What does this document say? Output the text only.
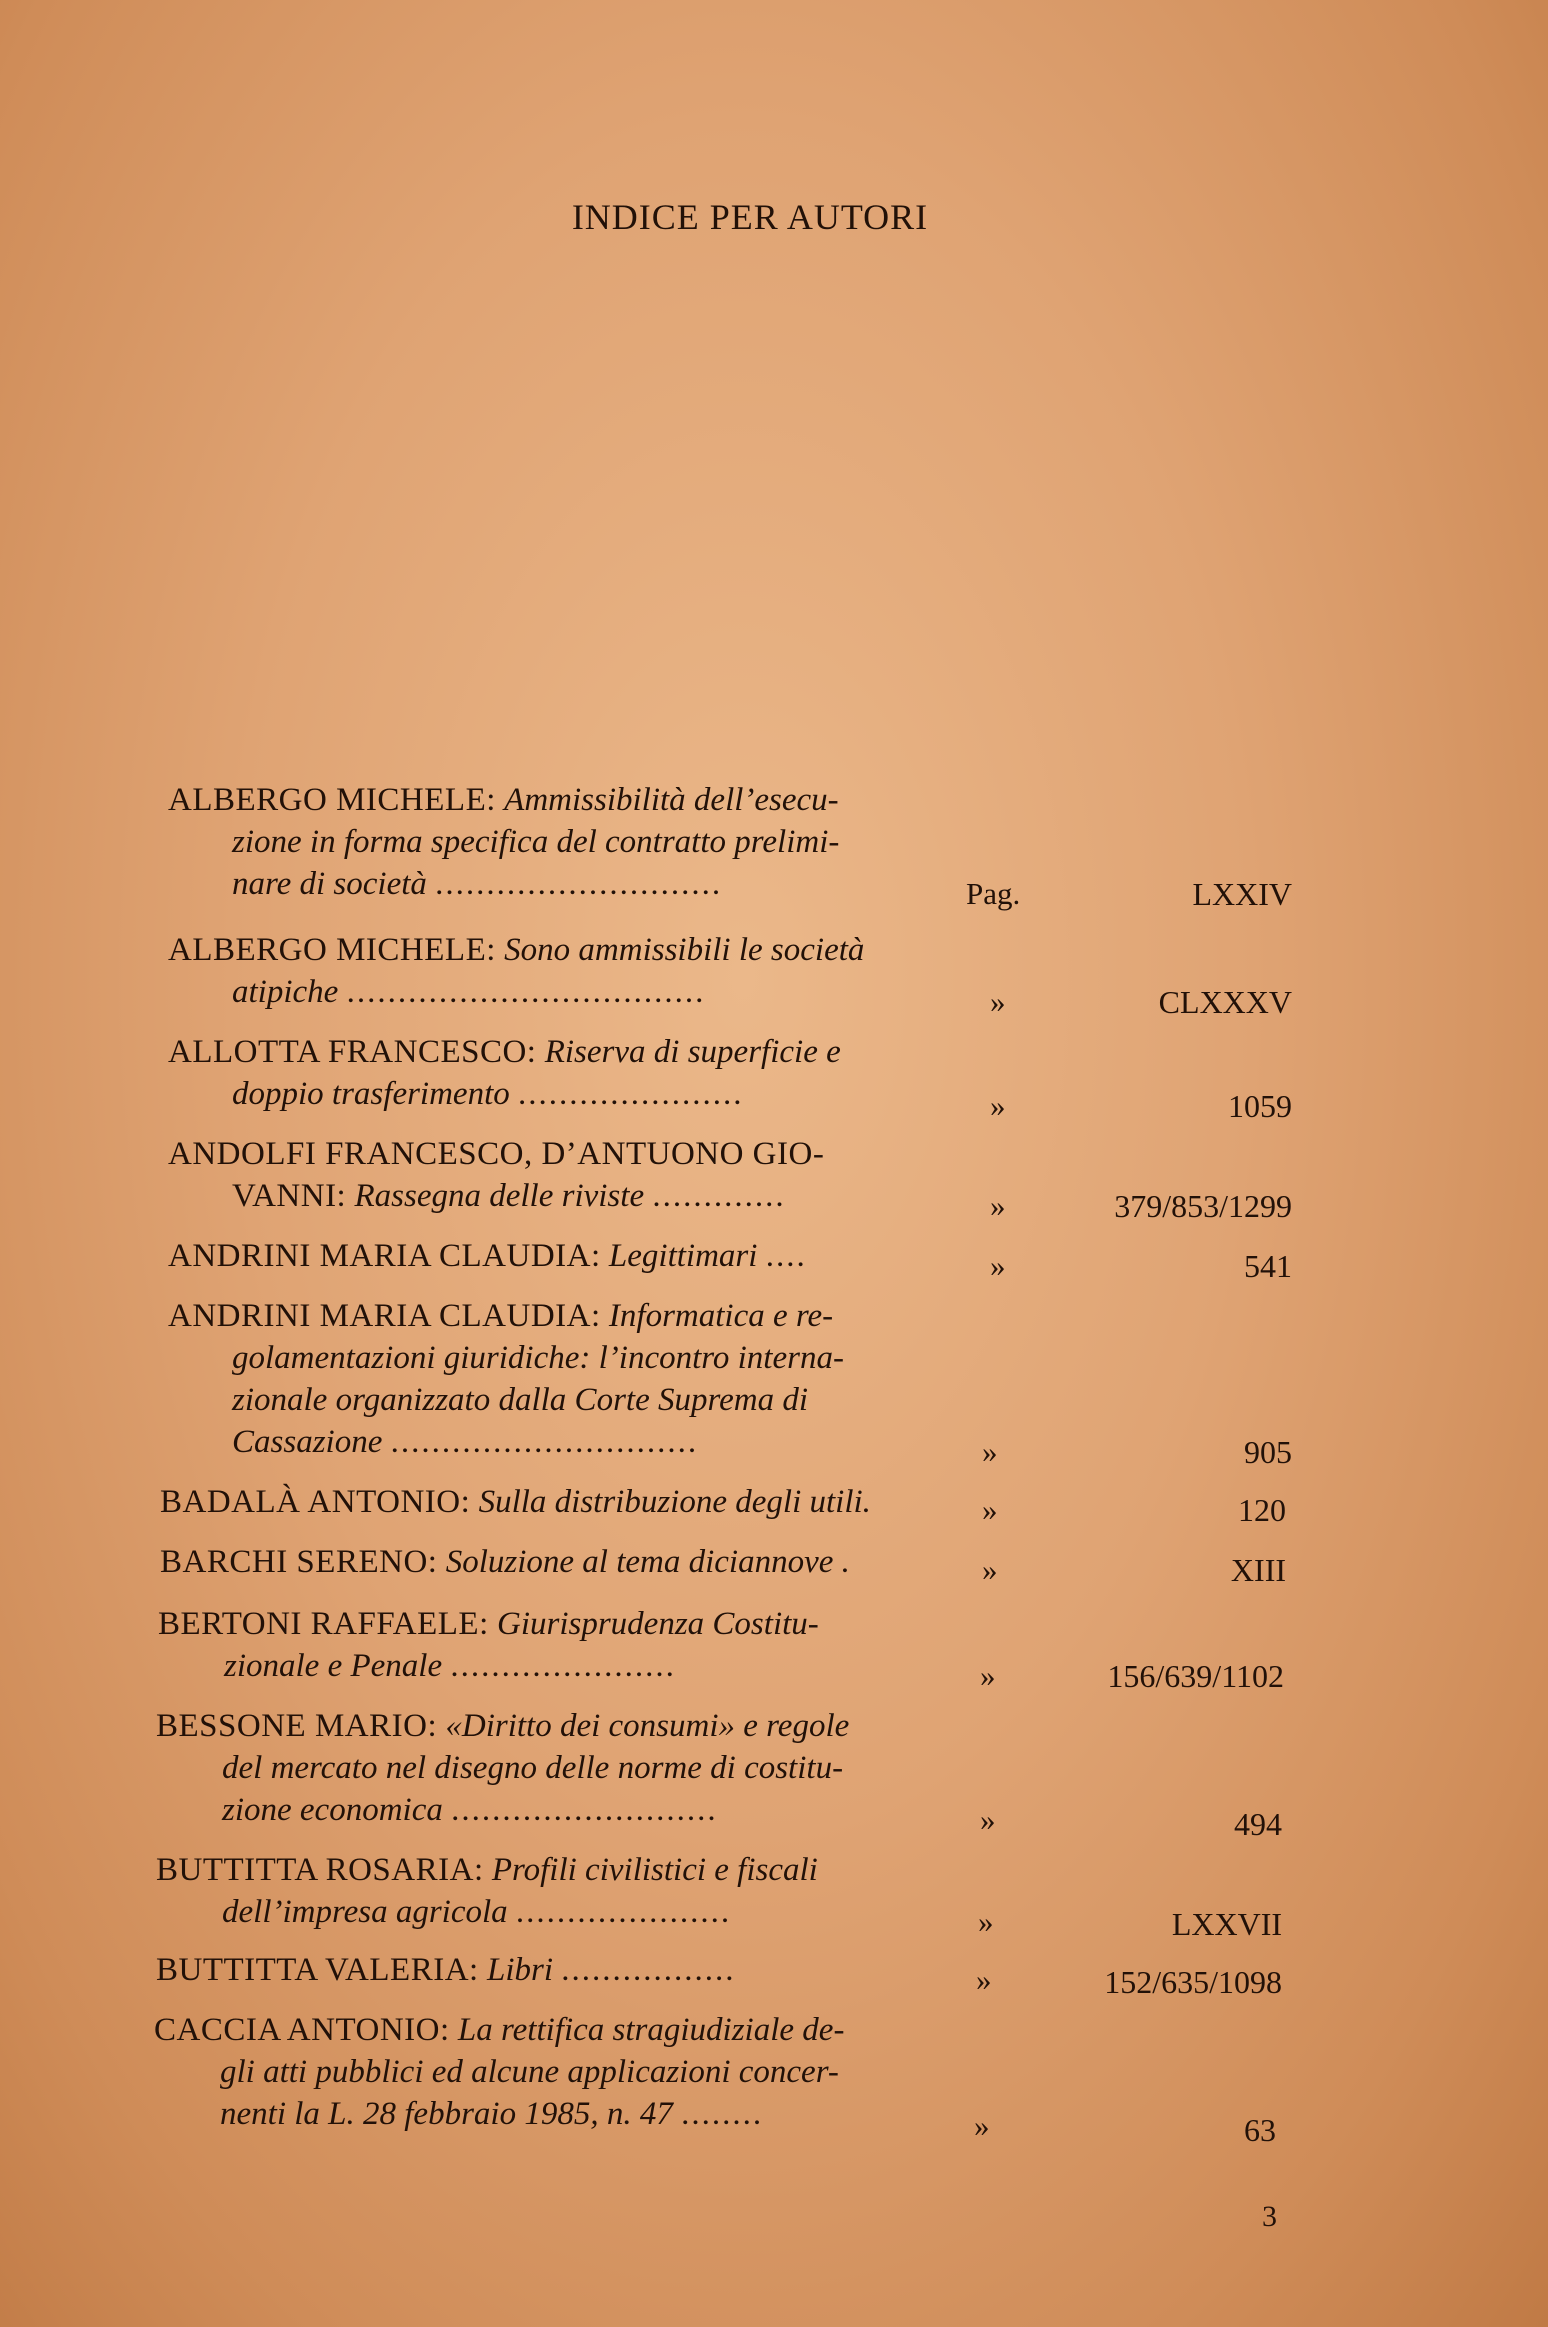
INDICE PER AUTORI
ALBERGO MICHELE: Ammissibilità dell’esecu-
zione in forma specifica del contratto prelimi-
nare di società ............................	Pag.	LXXIV
ALBERGO MICHELE: Sono ammissibili le società
atipiche ...................................	»	CLXXXV
ALLOTTA FRANCESCO: Riserva di superficie e
doppio trasferimento ......................	»	1059
ANDOLFI FRANCESCO, D’ANTUONO GIO-
VANNI: Rassegna delle riviste .............	»	379/853/1299
ANDRINI MARIA CLAUDIA: Legittimari ....	»	541
ANDRINI MARIA CLAUDIA: Informatica e re-
golamentazioni giuridiche: l’incontro interna-
zionale organizzato dalla Corte Suprema di
Cassazione ..............................	»	905
BADALÀ ANTONIO: Sulla distribuzione degli utili.	»	120
BARCHI SERENO: Soluzione al tema diciannove .	»	XIII
BERTONI RAFFAELE: Giurisprudenza Costitu-
zionale e Penale ......................	»	156/639/1102
BESSONE MARIO: «Diritto dei consumi» e regole
del mercato nel disegno delle norme di costitu-
zione economica ..........................	»	494
BUTTITTA ROSARIA: Profili civilistici e fiscali
dell’impresa agricola .....................	»	LXXVII
BUTTITTA VALERIA: Libri .................	»	152/635/1098
CACCIA ANTONIO: La rettifica stragiudiziale de-
gli atti pubblici ed alcune applicazioni concer-
nenti la L. 28 febbraio 1985, n. 47 ........	»	63
3
